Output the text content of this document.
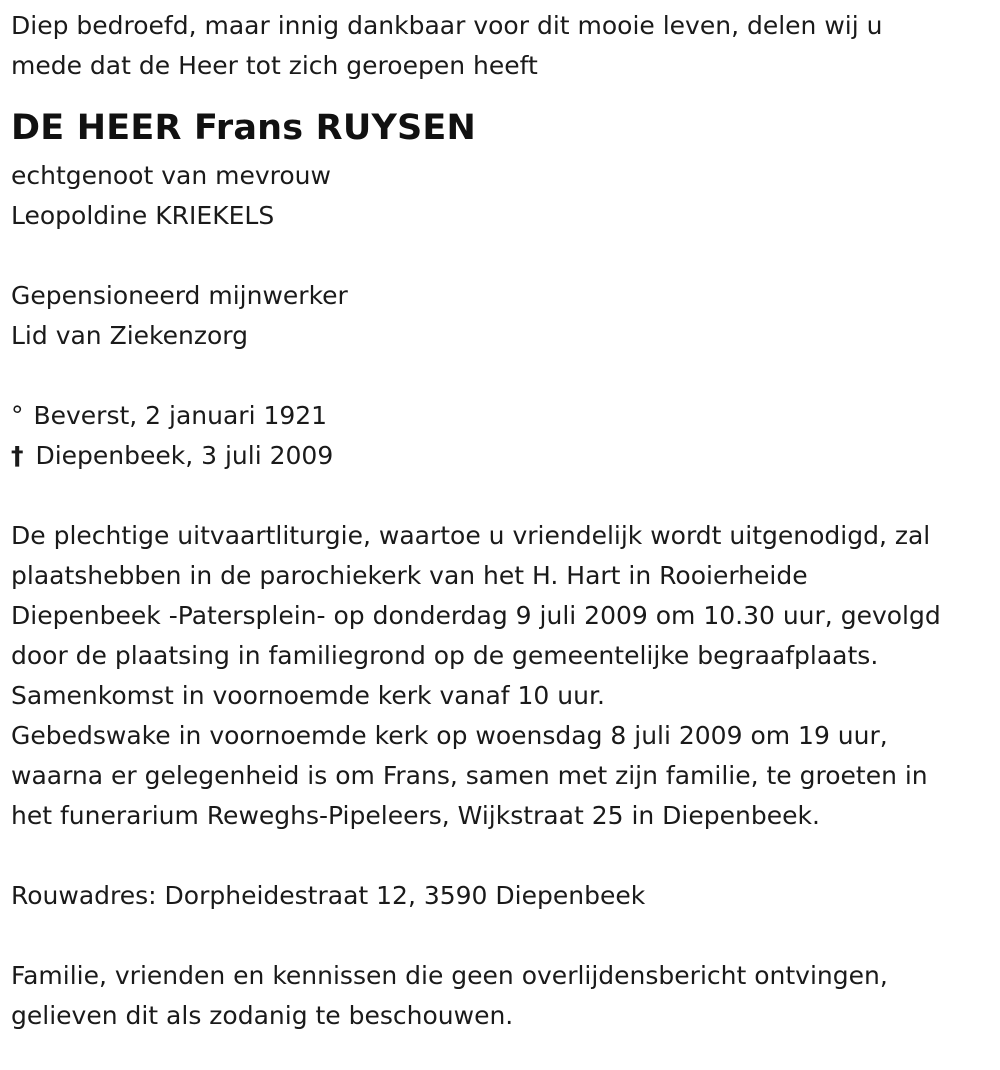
Diep bedroefd, maar innig dankbaar voor dit mooie leven, delen wij u

mede dat de Heer tot zich geroepen heeft

DE HEER Frans RUYSEN

echtgenoot van mevrouw

Leopoldine KRIEKELS

Gepensioneerd mijnwerker

Lid van Ziekenzorg

° Beverst, 2 januari 1921

† Diepenbeek, 3 juli 2009

De plechtige uitvaartliturgie, waartoe u vriendelijk wordt uitgenodigd, zal

plaatshebben in de parochiekerk van het H. Hart in Rooierheide

Diepenbeek -Patersplein- op donderdag 9 juli 2009 om 10.30 uur, gevolgd

door de plaatsing in familiegrond op de gemeentelijke begraafplaats.

Samenkomst in voornoemde kerk vanaf 10 uur.

Gebedswake in voornoemde kerk op woensdag 8 juli 2009 om 19 uur,

waarna er gelegenheid is om Frans, samen met zijn familie, te groeten in

het funerarium Reweghs-Pipeleers, Wijkstraat 25 in Diepenbeek.

Rouwadres: Dorpheidestraat 12, 3590 Diepenbeek

Familie, vrienden en kennissen die geen overlijdensbericht ontvingen,

gelieven dit als zodanig te beschouwen.
